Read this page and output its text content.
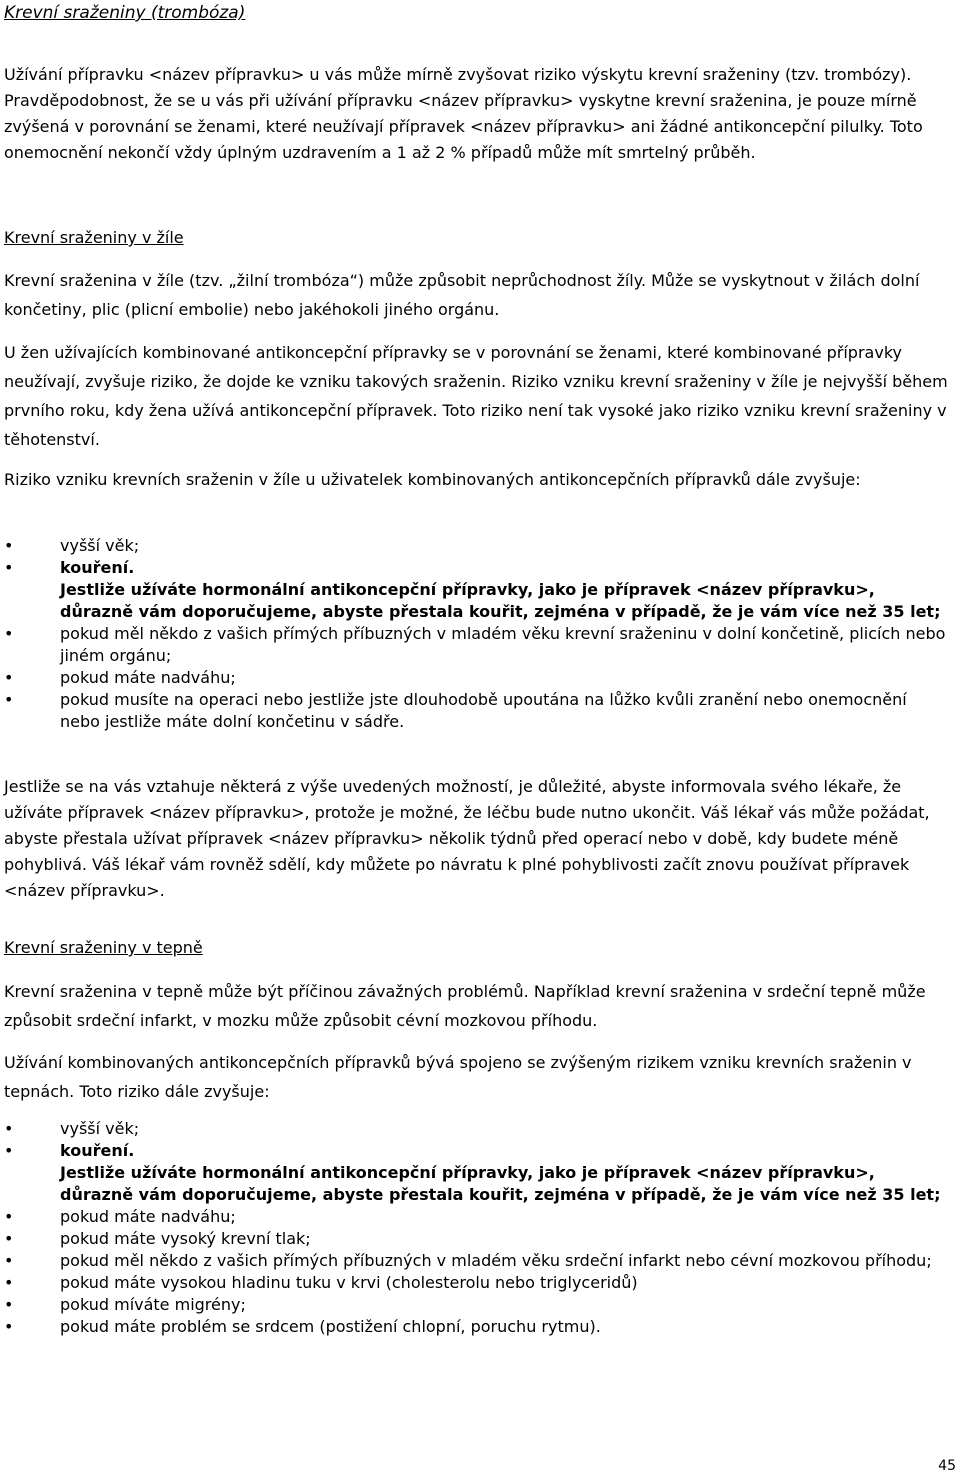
Krevní sraženiny (trombóza)

Užívání přípravku <název přípravku> u vás může mírně zvyšovat riziko výskytu krevní sraženiny (tzv. trombózy). Pravděpodobnost, že se u vás při užívání přípravku <název přípravku> vyskytne krevní sraženina, je pouze mírně zvýšená v porovnání se ženami, které neužívají přípravek <název přípravku> ani žádné antikoncepční pilulky. Toto onemocnění nekončí vždy úplným uzdravením a 1 až 2 % případů může mít smrtelný průběh.

Krevní sraženiny v žíle

Krevní sraženina v žíle (tzv. „žilní trombóza“) může způsobit neprůchodnost žíly. Může se vyskytnout v žilách dolní končetiny, plic (plicní embolie) nebo jakéhokoli jiného orgánu.

U žen užívajících kombinované antikoncepční přípravky se v porovnání se ženami, které kombinované přípravky neužívají, zvyšuje riziko, že dojde ke vzniku takových sraženin. Riziko vzniku krevní sraženiny v žíle je nejvyšší během prvního roku, kdy žena užívá antikoncepční přípravek. Toto riziko není tak vysoké jako riziko vzniku krevní sraženiny v těhotenství.

Riziko vzniku krevních sraženin v žíle u uživatelek kombinovaných antikoncepčních přípravků dále zvyšuje:

• vyšší věk;
• kouření.
Jestliže užíváte hormonální antikoncepční přípravky, jako je přípravek <název přípravku>, důrazně vám doporučujeme, abyste přestala kouřit, zejména v případě, že je vám více než 35 let;
• pokud měl někdo z vašich přímých příbuzných v mladém věku krevní sraženinu v dolní končetině, plicích nebo jiném orgánu;
• pokud máte nadváhu;
• pokud musíte na operaci nebo jestliže jste dlouhodobě upoutána na lůžko kvůli zranění nebo onemocnění nebo jestliže máte dolní končetinu v sádře.

Jestliže se na vás vztahuje některá z výše uvedených možností, je důležité, abyste informovala svého lékaře, že užíváte přípravek <název přípravku>, protože je možné, že léčbu bude nutno ukončit. Váš lékař vás může požádat, abyste přestala užívat přípravek <název přípravku> několik týdnů před operací nebo v době, kdy budete méně pohyblivá. Váš lékař vám rovněž sdělí, kdy můžete po návratu k plné pohyblivosti začít znovu používat přípravek <název přípravku>.

Krevní sraženiny v tepně

Krevní sraženina v tepně může být příčinou závažných problémů. Například krevní sraženina v srdeční tepně může způsobit srdeční infarkt, v mozku může způsobit cévní mozkovou příhodu.

Užívání kombinovaných antikoncepčních přípravků bývá spojeno se zvýšeným rizikem vzniku krevních sraženin v tepnách. Toto riziko dále zvyšuje:

• vyšší věk;
• kouření.
Jestliže užíváte hormonální antikoncepční přípravky, jako je přípravek <název přípravku>, důrazně vám doporučujeme, abyste přestala kouřit, zejména v případě, že je vám více než 35 let;
• pokud máte nadváhu;
• pokud máte vysoký krevní tlak;
• pokud měl někdo z vašich přímých příbuzných v mladém věku srdeční infarkt nebo cévní mozkovou příhodu;
• pokud máte vysokou hladinu tuku v krvi (cholesterolu nebo triglyceridů)
• pokud míváte migrény;
• pokud máte problém se srdcem (postižení chlopní, poruchu rytmu).
45
